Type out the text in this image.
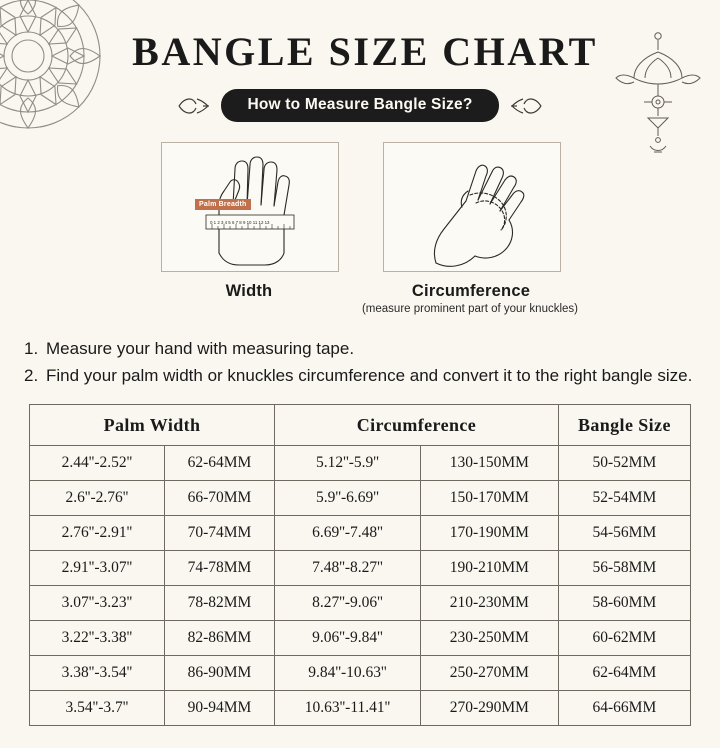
BANGLE SIZE CHART
How to Measure Bangle Size?
0 1 2 3 4 5 6 7 8 9 10 11 12 13
Palm Breadth
Width	Circumference
(measure prominent part of your knuckles)
1. Measure your hand with measuring tape.
2. Find your palm width or knuckles circumference and convert it to the right bangle size.
Palm Width		Circumference		Bangle Size
2.44''-2.52''	62-64MM	5.12''-5.9''	130-150MM	50-52MM
2.6''-2.76''	66-70MM	5.9''-6.69''	150-170MM	52-54MM
2.76''-2.91''	70-74MM	6.69''-7.48''	170-190MM	54-56MM
2.91''-3.07''	74-78MM	7.48''-8.27''	190-210MM	56-58MM
3.07''-3.23''	78-82MM	8.27''-9.06''	210-230MM	58-60MM
3.22''-3.38''	82-86MM	9.06''-9.84''	230-250MM	60-62MM
3.38''-3.54''	86-90MM	9.84''-10.63''	250-270MM	62-64MM
3.54''-3.7''	90-94MM	10.63''-11.41''	270-290MM	64-66MM
